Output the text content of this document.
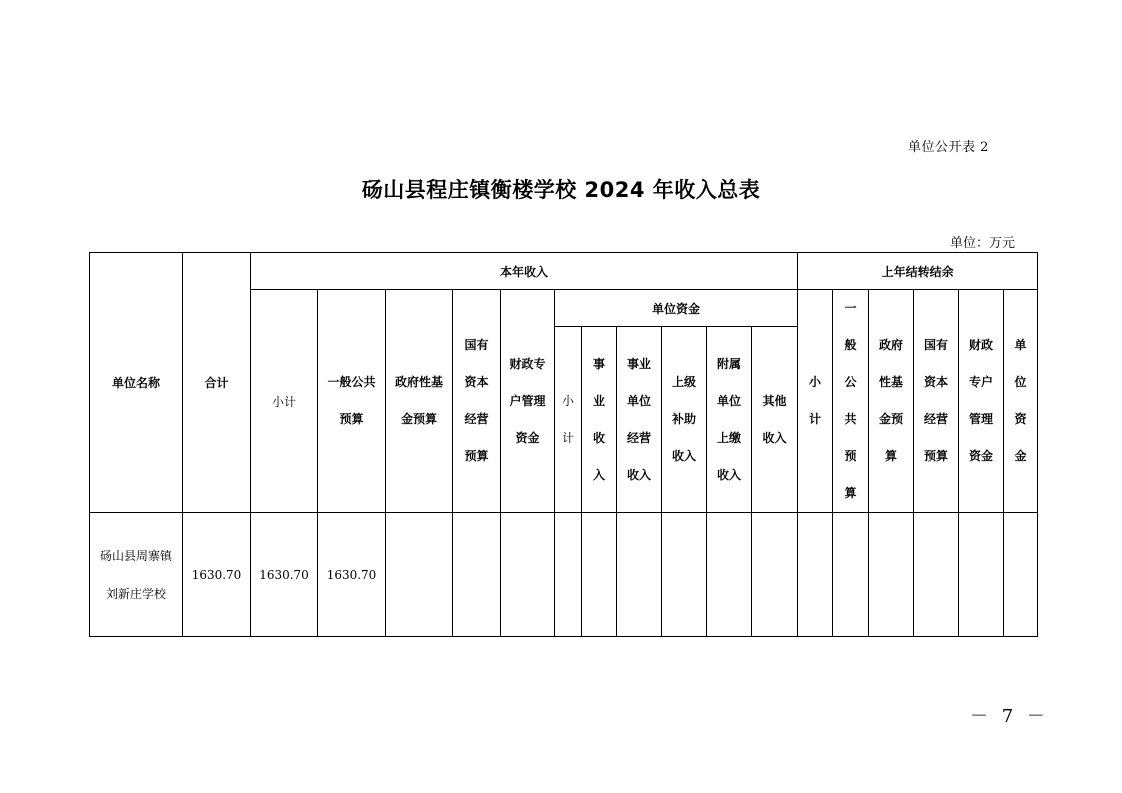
单位公开表 2
砀山县程庄镇衡楼学校 2024 年收入总表
单位：万元
单位名称	合计	本年收入											上年结转结余					
		小计	一般公共预算	政府性基金预算	国有资本经营预算	财政专户管理资金	单位资金						小计	一般公共预算	政府性基金预算	国有资本经营预算	财政专户管理资金	单位资金
							小计	事业收入	事业单位经营收入	上级补助收入	附属单位上缴收入	其他收入						
砀山县周寨镇刘新庄学校	1630.70	1630.70	1630.70															
－ 7 －
